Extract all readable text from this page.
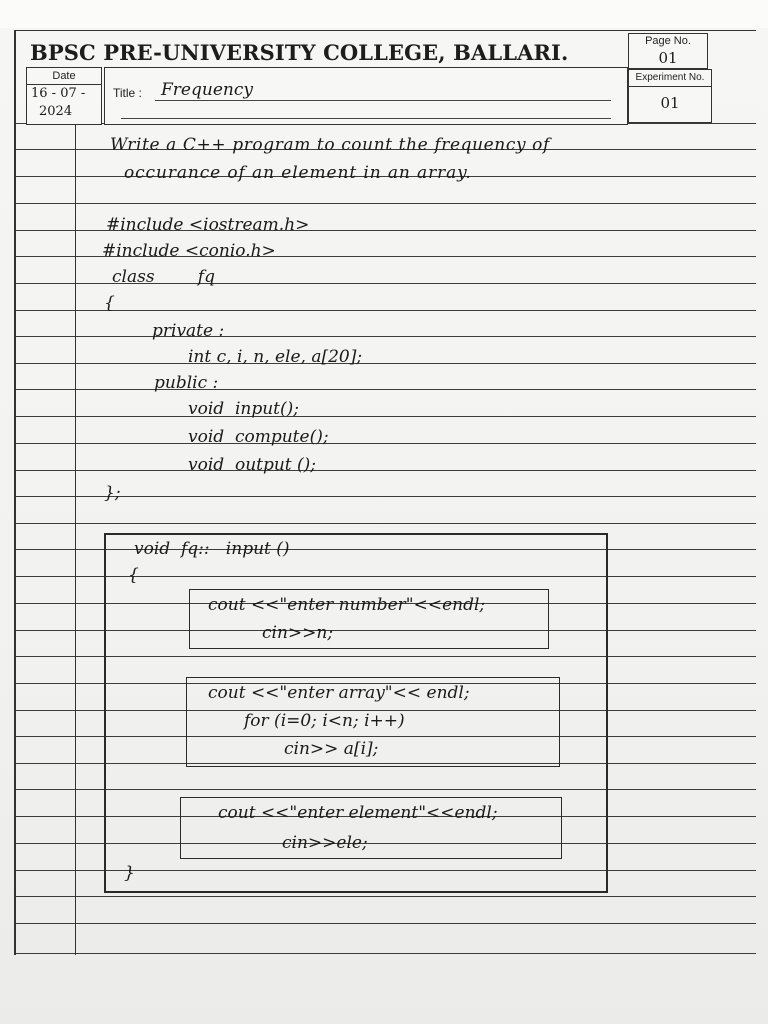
BPSC PRE-UNIVERSITY COLLEGE, BALLARI.	Page No.
01
Experiment No.
01
Date
16 - 07 -
2024
Title : Frequency
Write a C++ program to count the frequency of
occurance of an element in an array.
#include <iostream.h>
#include <conio.h>
class        fq
{
private :
int c, i, n, ele, a[20];
public :
void  input();
void  compute();
void  output ();
};
void  fq::   input ()
{
cout <<"enter number"<<endl;
cin>>n;
cout <<"enter array"<< endl;
for (i=0; i<n; i++)
cin>> a[i];
cout <<"enter element"<<endl;
cin>>ele;
}
